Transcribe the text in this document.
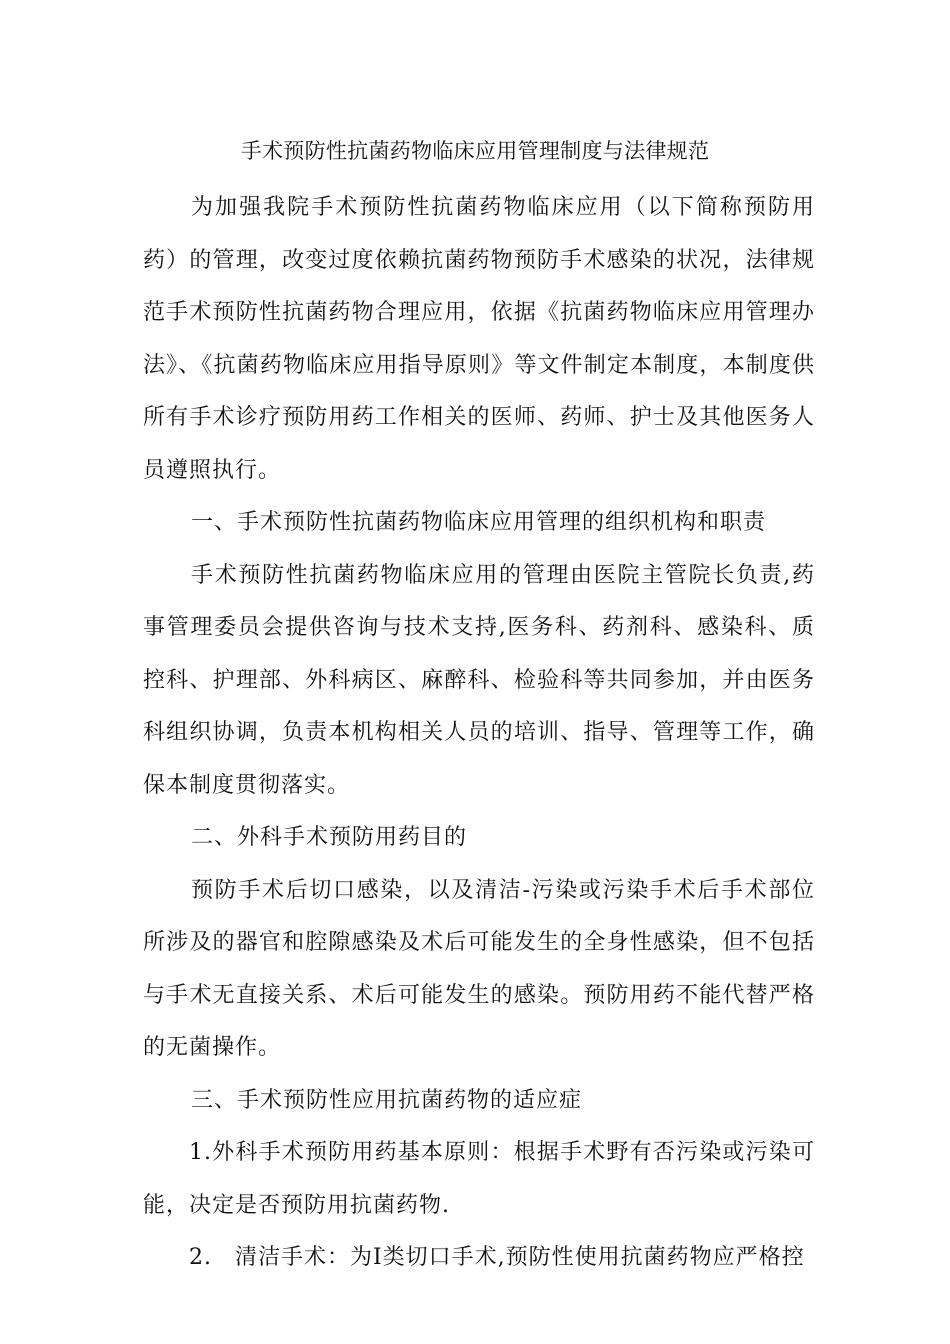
手术预防性抗菌药物临床应用管理制度与法律规范

为加强我院手术预防性抗菌药物临床应用（以下简称预防用药）的管理，改变过度依赖抗菌药物预防手术感染的状况，法律规范手术预防性抗菌药物合理应用，依据《抗菌药物临床应用管理办法》、《抗菌药物临床应用指导原则》等文件制定本制度，本制度供所有手术诊疗预防用药工作相关的医师、药师、护士及其他医务人员遵照执行。

一、手术预防性抗菌药物临床应用管理的组织机构和职责

手术预防性抗菌药物临床应用的管理由医院主管院长负责,药事管理委员会提供咨询与技术支持,医务科、药剂科、感染科、质控科、护理部、外科病区、麻醉科、检验科等共同参加，并由医务科组织协调，负责本机构相关人员的培训、指导、管理等工作，确保本制度贯彻落实。

二、外科手术预防用药目的

预防手术后切口感染，以及清洁-污染或污染手术后手术部位所涉及的器官和腔隙感染及术后可能发生的全身性感染，但不包括与手术无直接关系、术后可能发生的感染。预防用药不能代替严格的无菌操作。

三、手术预防性应用抗菌药物的适应症

1.外科手术预防用药基本原则：根据手术野有否污染或污染可能，决定是否预防用抗菌药物.

2.　清洁手术：为Ⅰ类切口手术,预防性使用抗菌药物应严格控
